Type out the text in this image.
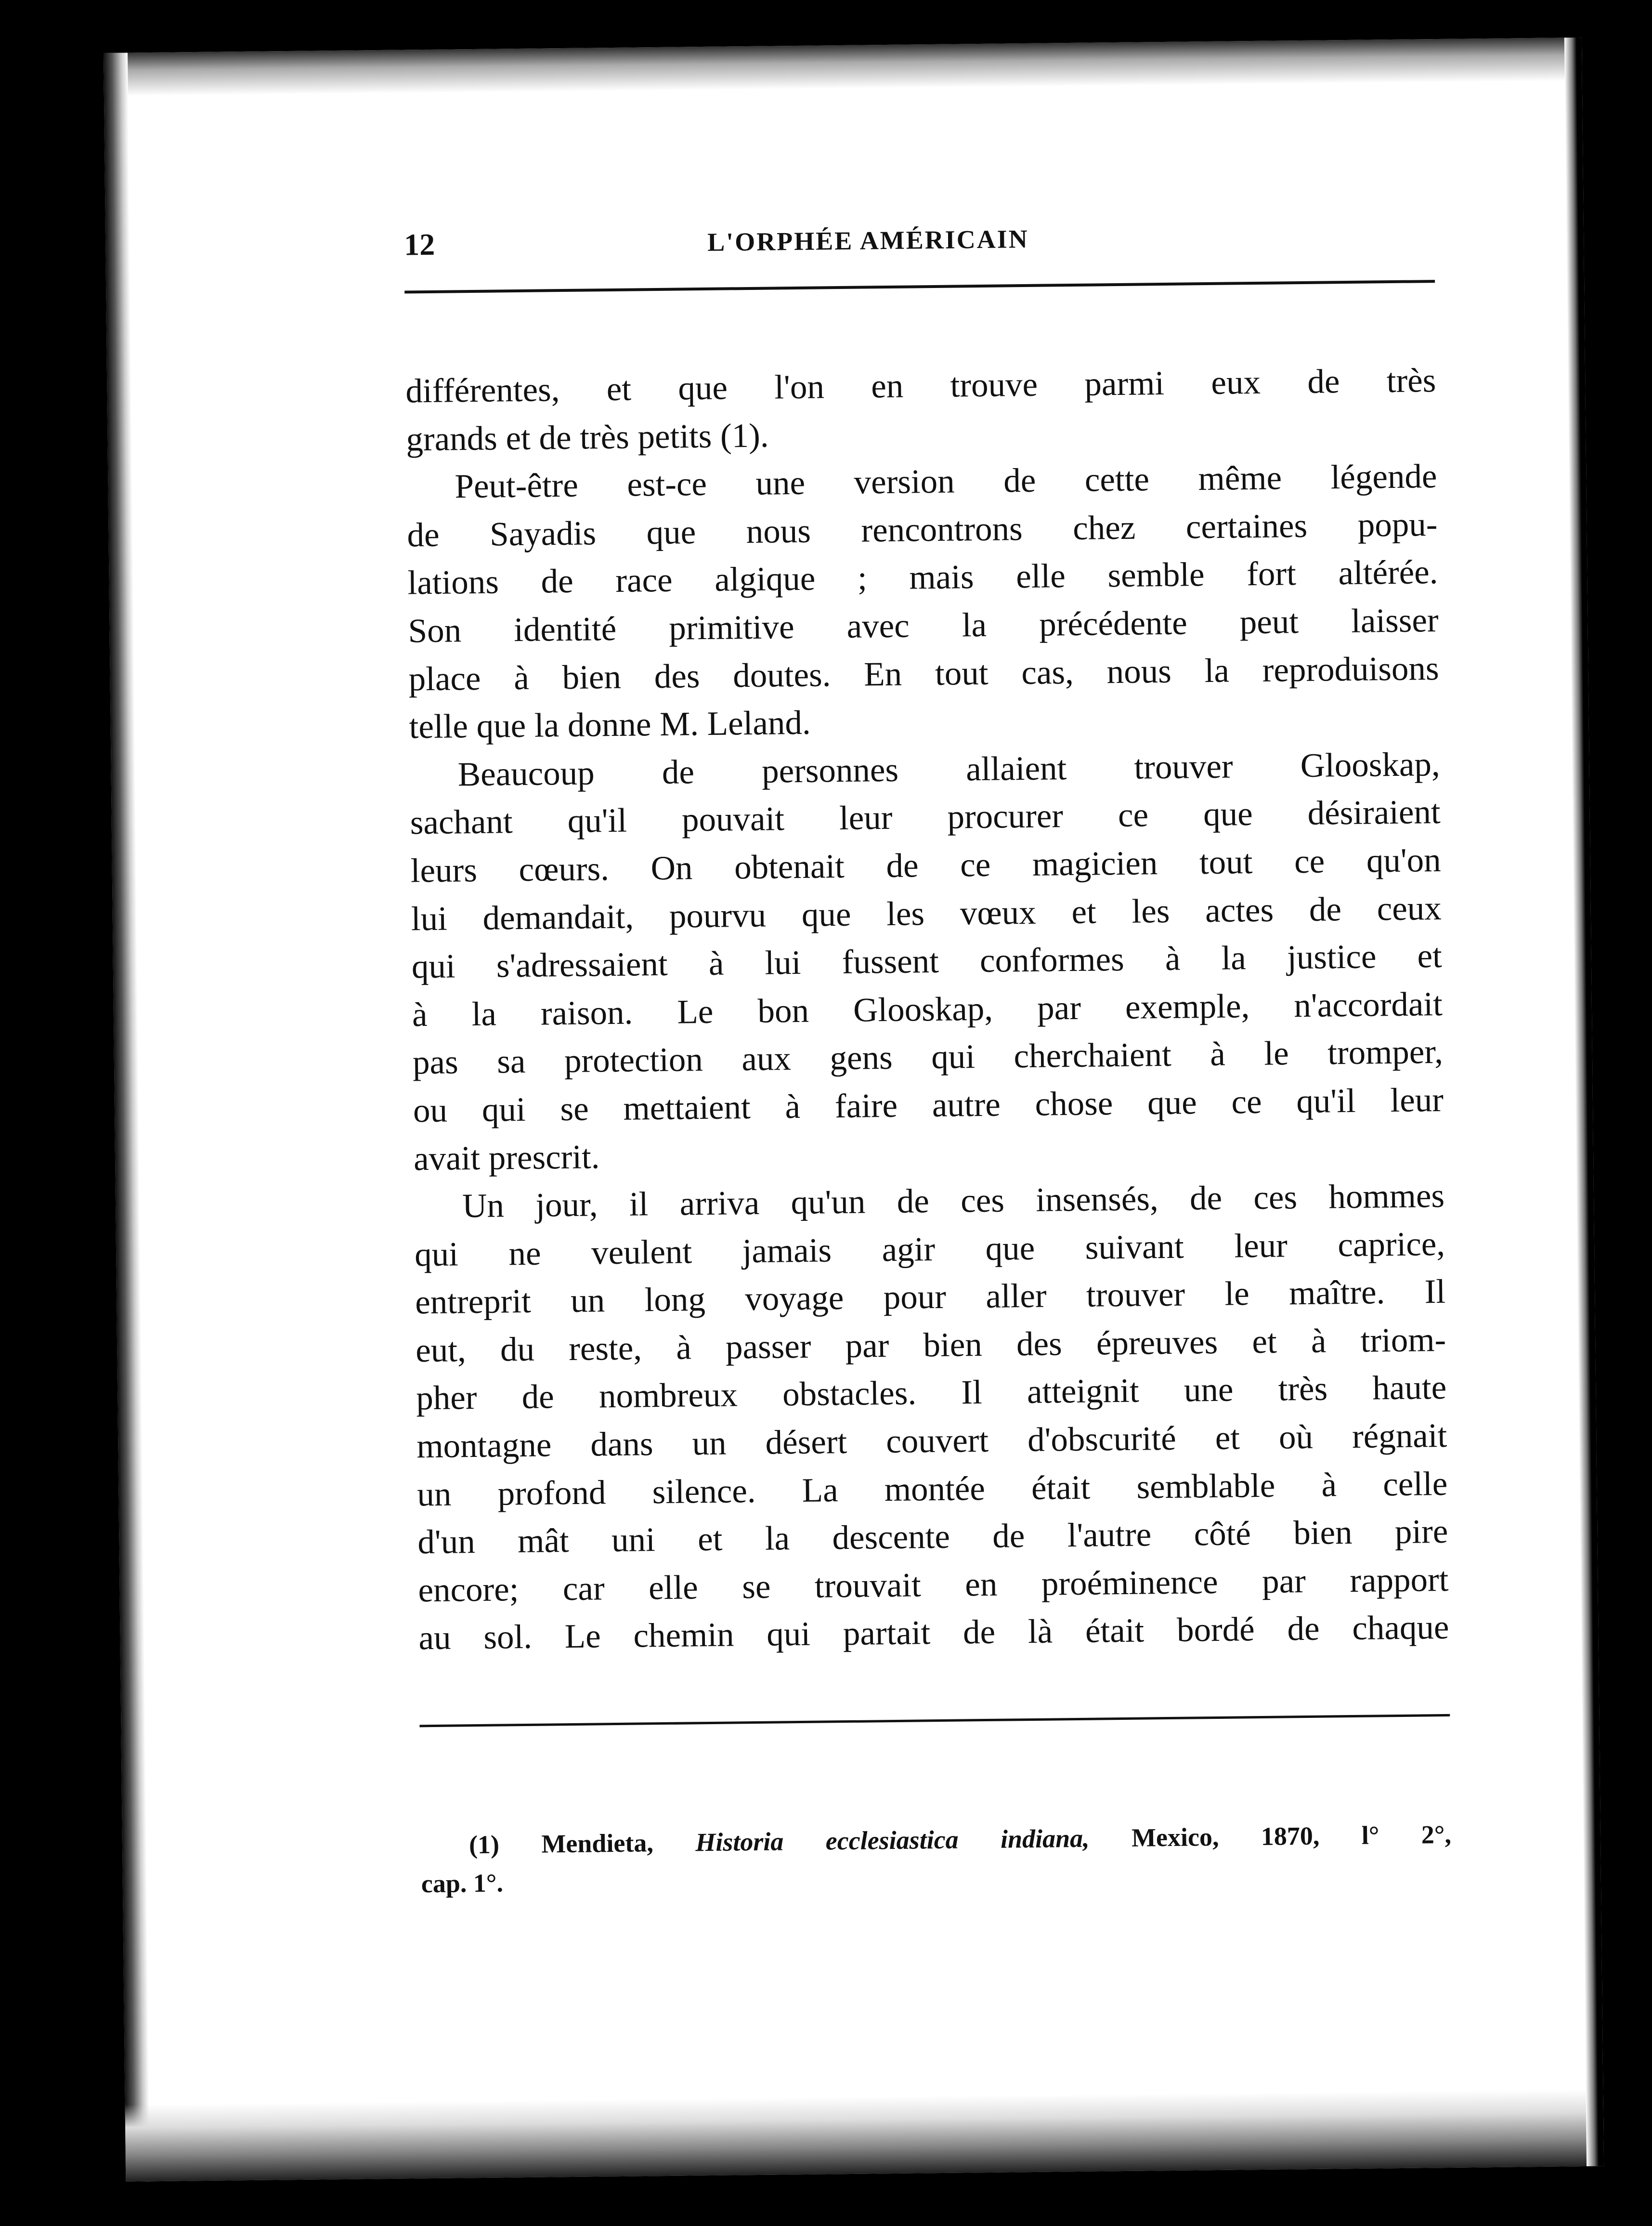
12	L'ORPHÉE AMÉRICAIN
différentes, et que l'on en trouve parmi eux de très
grands et de très petits (1).
Peut-être est-ce une version de cette même légende
de Sayadis que nous rencontrons chez certaines popu-
lations de race algique ; mais elle semble fort altérée.
Son identité primitive avec la précédente peut laisser
place à bien des doutes. En tout cas, nous la reproduisons
telle que la donne M. Leland.
Beaucoup de personnes allaient trouver Glooskap,
sachant qu'il pouvait leur procurer ce que désiraient
leurs cœurs. On obtenait de ce magicien tout ce qu'on
lui demandait, pourvu que les vœux et les actes de ceux
qui s'adressaient à lui fussent conformes à la justice et
à la raison. Le bon Glooskap, par exemple, n'accordait
pas sa protection aux gens qui cherchaient à le tromper,
ou qui se mettaient à faire autre chose que ce qu'il leur
avait prescrit.
Un jour, il arriva qu'un de ces insensés, de ces hommes
qui ne veulent jamais agir que suivant leur caprice,
entreprit un long voyage pour aller trouver le maître. Il
eut, du reste, à passer par bien des épreuves et à triom-
pher de nombreux obstacles. Il atteignit une très haute
montagne dans un désert couvert d'obscurité et où régnait
un profond silence. La montée était semblable à celle
d'un mât uni et la descente de l'autre côté bien pire
encore; car elle se trouvait en proéminence par rapport
au sol. Le chemin qui partait de là était bordé de chaque
(1) Mendieta, Historia ecclesiastica indiana, Mexico, 1870, l° 2°,
cap. 1°.
